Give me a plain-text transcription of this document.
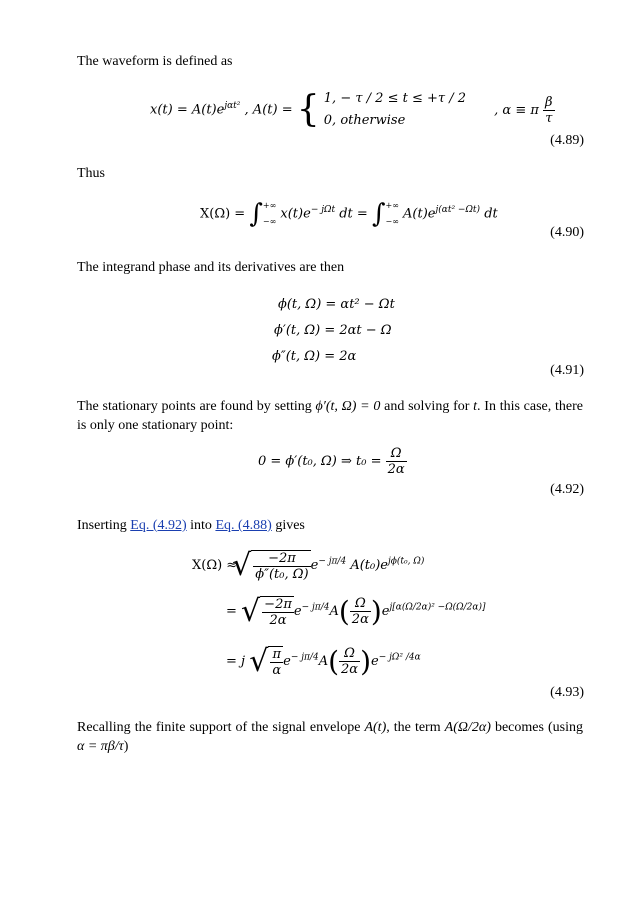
The waveform is defined as
$x(t) = A(t)e^{j\alpha t^2}$ , A(t) = { 1, − τ / 2 ≤ t ≤ +τ / 2
0, otherwise
, α ≡ π $\frac{\beta}{\tau}$
(4.89)
Thus
X(Ω) = ∫ +∞
−∞ $x(t)e^{- j\Omega t}$ dt = ∫ +∞
−∞ $A(t)e^{j(\alpha t^2 -\Omega t)}$ dt
(4.90)
The integrand phase and its derivatives are then
ϕ(t, Ω) = αt² − Ωt
ϕ′(t, Ω) = 2αt − Ω
ϕ″(t, Ω) = 2α
(4.91)
The stationary points are found by setting ϕ′(t, Ω) = 0 and solving for t. In this case, there is only one stationary point:
0 = ϕ′(t₀, Ω) ⇒ $t_0 = \frac{\Omega}{2\alpha}$
(4.92)
Inserting Eq. (4.92) into Eq. (4.88) gives
X(Ω) ≈ √ $\frac{-2\pi}{\text{ϕ″(t₀, Ω)}} e^{- j\pi/4}$ $A(t_0)e^{j\phi(t_0, \Omega)}$
= √ $\frac{-2\pi}{2\alpha} e^{- j\pi/4}A( \frac{\Omega}{2\alpha} )e^{j[\alpha(\Omega/2\alpha)^2 -\Omega(\Omega/2\alpha)]}$
= j √ $\frac{\pi}{\alpha} e^{- j\pi/4}A( \frac{\Omega}{2\alpha} )e^{- j\Omega^2 /4\alpha}$
(4.93)
Recalling the finite support of the signal envelope A(t), the term A(Ω/2α) becomes (using α = πβ/τ)
